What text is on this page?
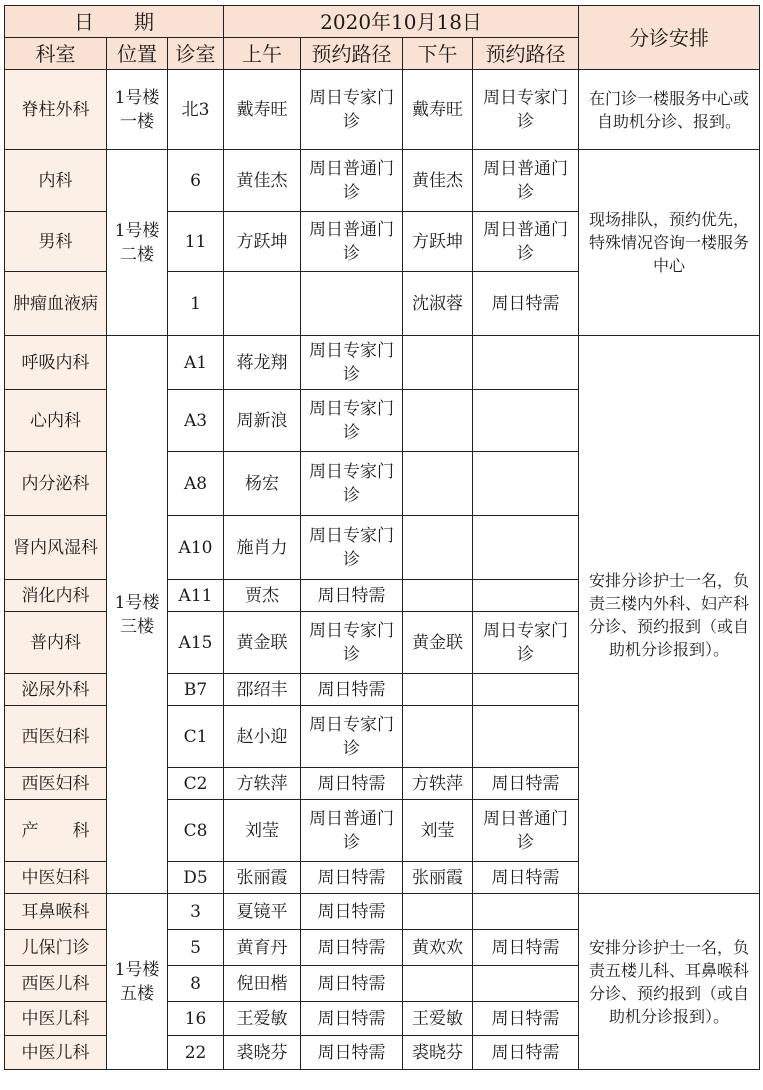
日　　期			2020年10月18日				分诊安排
科室	位置	诊室	上午	预约路径	下午	预约路径	
脊柱外科	1号楼一楼	北3	戴寿旺	周日专家门诊	戴寿旺	周日专家门诊	在门诊一楼服务中心或自助机分诊、报到。
内科	1号楼二楼	6	黄佳杰	周日普通门诊	黄佳杰	周日普通门诊	现场排队，预约优先，特殊情况咨询一楼服务中心
男科		11	方跃坤	周日普通门诊	方跃坤	周日普通门诊	
肿瘤血液病		1			沈淑蓉	周日特需	
呼吸内科	1号楼三楼	A1	蒋龙翔	周日专家门诊			安排分诊护士一名，负责三楼内外科、妇产科分诊、预约报到（或自助机分诊报到）。
心内科		A3	周新浪	周日专家门诊			
内分泌科		A8	杨宏	周日专家门诊			
肾内风湿科		A10	施肖力	周日专家门诊			
消化内科		A11	贾杰	周日特需			
普内科		A15	黄金联	周日专家门诊	黄金联	周日专家门诊	
泌尿外科		B7	邵绍丰	周日特需			
西医妇科		C1	赵小迎	周日专家门诊			
西医妇科		C2	方轶萍	周日特需	方轶萍	周日特需	
产　　科		C8	刘莹	周日普通门诊	刘莹	周日普通门诊	
中医妇科		D5	张丽霞	周日特需	张丽霞	周日特需	
耳鼻喉科	1号楼五楼	3	夏镜平	周日特需			安排分诊护士一名，负责五楼儿科、耳鼻喉科分诊、预约报到（或自助机分诊报到）。
儿保门诊		5	黄育丹	周日特需	黄欢欢	周日特需	
西医儿科		8	倪田楷	周日特需			
中医儿科		16	王爱敏	周日特需	王爱敏	周日特需	
中医儿科		22	裘晓芬	周日特需	裘晓芬	周日特需	
